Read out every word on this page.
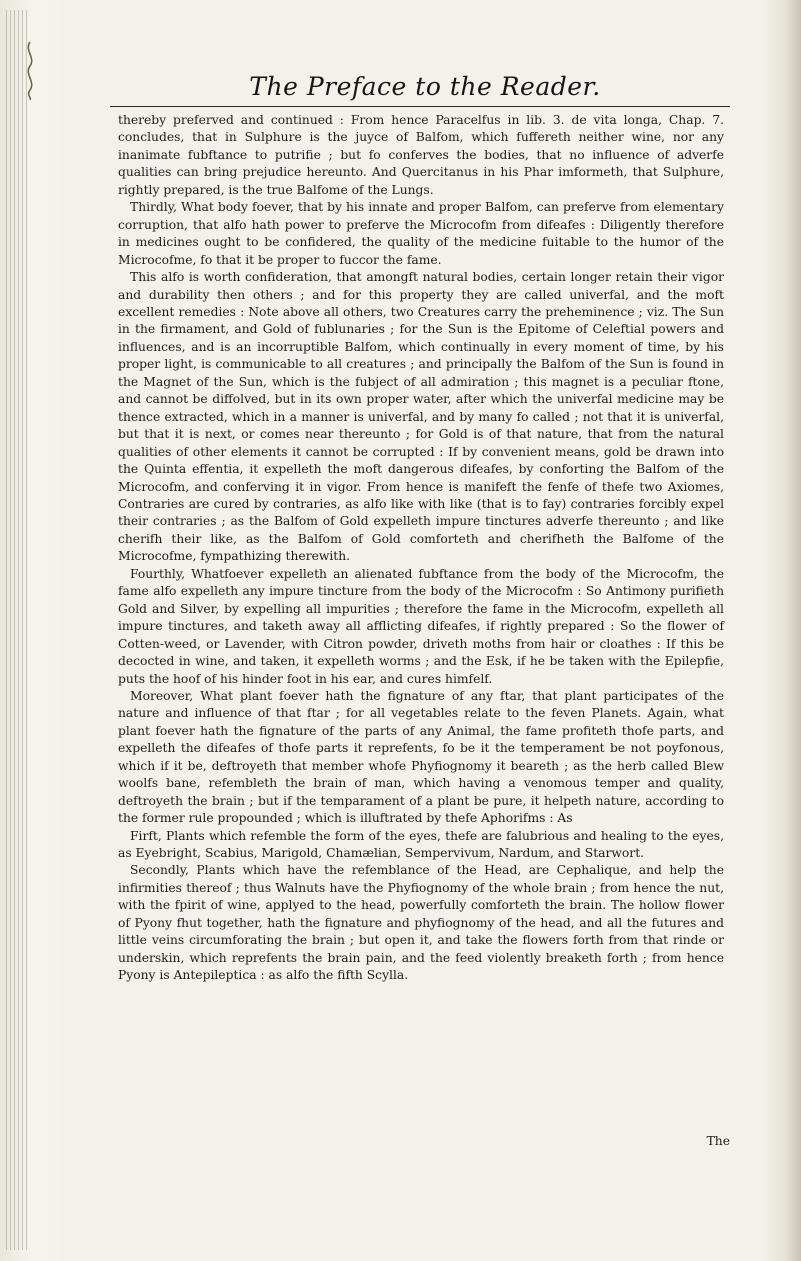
The Preface to the Reader.

thereby preferved and continued : From hence Paracelfus in lib. 3. de vita longa, Chap. 7. concludes, that in Sulphure is the juyce of Balfom, which fuffereth neither wine, nor any inanimate fubftance to putrifie ; but fo conferves the bodies, that no influence of adverfe qualities can bring prejudice hereunto. And Quercitanus in his Phar imformeth, that Sulphure, rightly prepared, is the true Balfome of the Lungs.

Thirdly, What body foever, that by his innate and proper Balfom, can preferve from elementary corruption, that alfo hath power to preferve the Microcofm from difeafes : Diligently therefore in medicines ought to be confidered, the quality of the medicine fuitable to the humor of the Microcofme, fo that it be proper to fuccor the fame.

This alfo is worth confideration, that amongft natural bodies, certain longer retain their vigor and durability then others ; and for this property they are called univerfal, and the moft excellent remedies : Note above all others, two Creatures carry the preheminence ; viz. The Sun in the firmament, and Gold of fublunaries ; for the Sun is the Epitome of Celeftial powers and influences, and is an incorruptible Balfom, which continually in every moment of time, by his proper light, is communicable to all creatures ; and principally the Balfom of the Sun is found in the Magnet of the Sun, which is the fubject of all admiration ; this magnet is a peculiar ftone, and cannot be diffolved, but in its own proper water, after which the univerfal medicine may be thence extracted, which in a manner is univerfal, and by many fo called ; not that it is univerfal, but that it is next, or comes near thereunto ; for Gold is of that nature, that from the natural qualities of other elements it cannot be corrupted : If by convenient means, gold be drawn into the Quinta effentia, it expelleth the moft dangerous difeafes, by conforting the Balfom of the Microcofm, and conferving it in vigor. From hence is manifeft the fenfe of thefe two Axiomes, Contraries are cured by contraries, as alfo like with like (that is to fay) contraries forcibly expel their contraries ; as the Balfom of Gold expelleth impure tinctures adverfe thereunto ; and like cherifh their like, as the Balfom of Gold comforteth and cherifheth the Balfome of the Microcofme, fympathizing therewith.

Fourthly, Whatfoever expelleth an alienated fubftance from the body of the Microcofm, the fame alfo expelleth any impure tincture from the body of the Microcofm : So Antimony purifieth Gold and Silver, by expelling all impurities ; therefore the fame in the Microcofm, expelleth all impure tinctures, and taketh away all afflicting difeafes, if rightly prepared : So the flower of Cotten-weed, or Lavender, with Citron powder, driveth moths from hair or cloathes : If this be decocted in wine, and taken, it expelleth worms ; and the Esk, if he be taken with the Epilepfie, puts the hoof of his hinder foot in his ear, and cures himfelf.

Moreover, What plant foever hath the fignature of any ftar, that plant participates of the nature and influence of that ftar ; for all vegetables relate to the feven Planets. Again, what plant foever hath the fignature of the parts of any Animal, the fame profiteth thofe parts, and expelleth the difeafes of thofe parts it reprefents, fo be it the temperament be not poyfonous, which if it be, deftroyeth that member whofe Phyfiognomy it beareth ; as the herb called Blew woolfs bane, refembleth the brain of man, which having a venomous temper and quality, deftroyeth the brain ; but if the temparament of a plant be pure, it helpeth nature, according to the former rule propounded ; which is illuftrated by thefe Aphorifms : As

Firft, Plants which refemble the form of the eyes, thefe are falubrious and healing to the eyes, as Eyebright, Scabius, Marigold, Chamælian, Sempervivum, Nardum, and Starwort.

Secondly, Plants which have the refemblance of the Head, are Cephalique, and help the infirmities thereof ; thus Walnuts have the Phyfiognomy of the whole brain ; from hence the nut, with the fpirit of wine, applyed to the head, powerfully comforteth the brain. The hollow flower of Pyony fhut together, hath the fignature and phyfiognomy of the head, and all the futures and little veins circumforating the brain ; but open it, and take the flowers forth from that rinde or underskin, which reprefents the brain pain, and the feed violently breaketh forth ; from hence Pyony is Antepileptica : as alfo the fifth Scylla.

The
